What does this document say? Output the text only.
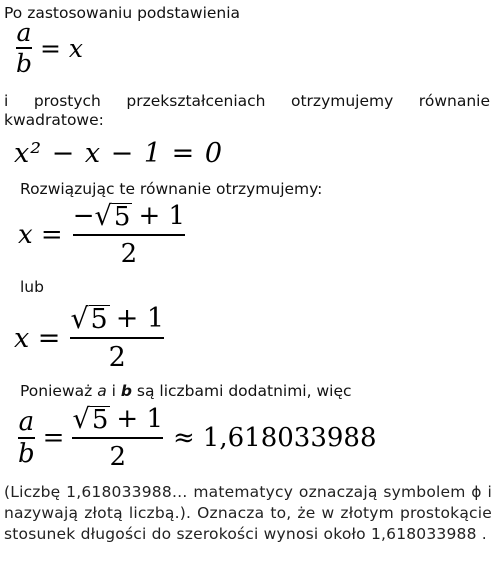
Po zastosowaniu podstawienia
$\frac{a}{b} = x$
i prostych przekształceniach otrzymujemy równanie kwadratowe:
x² − x − 1 = 0
Rozwiązując te równanie otrzymujemy:
$x = \frac{- √ 5 + 1}{2}$
lub
$x = \frac{√ 5 + 1}{2}$
Ponieważ a i b są liczbami dodatnimi, więc
$\frac{a}{b} = \frac{√ 5 + 1}{2} \approx 1,618033988$
(Liczbę 1,618033988… matematycy oznaczają symbolem ɸ i nazywają złotą liczbą.). Oznacza to, że w złotym prostokącie stosunek długości do szerokości wynosi około 1,618033988 .
